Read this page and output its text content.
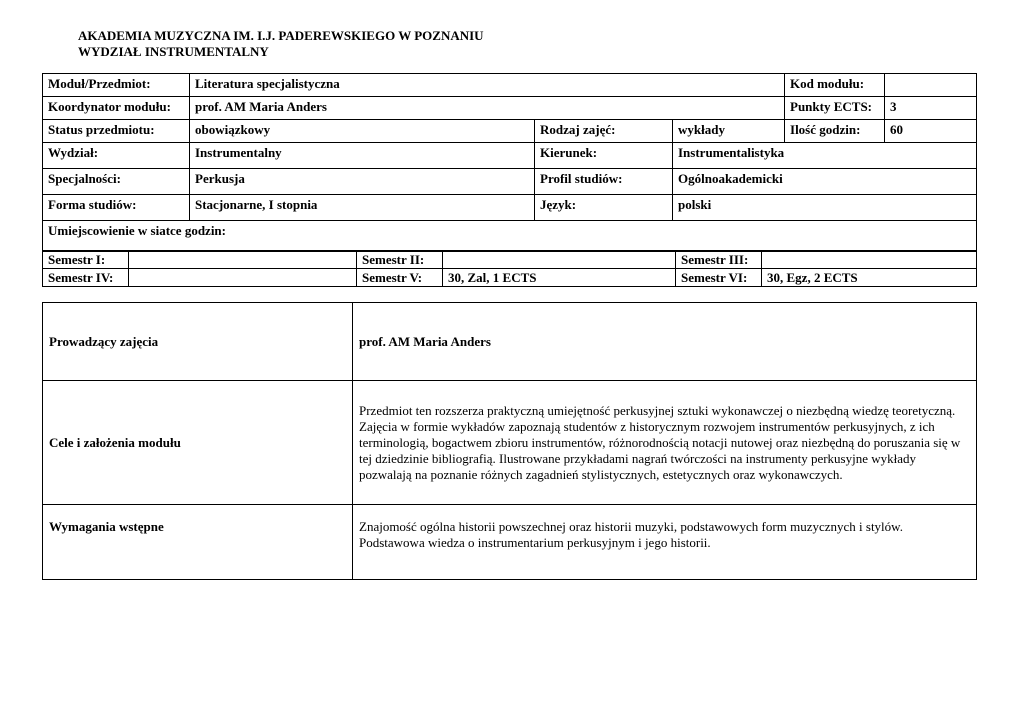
AKADEMIA MUZYCZNA IM. I.J. PADEREWSKIEGO W POZNANIU
WYDZIAŁ INSTRUMENTALNY
Moduł/Przedmiot:	Literatura specjalistyczna			Kod modułu:	
Koordynator modułu:	prof. AM Maria Anders			Punkty ECTS:	3
Status przedmiotu:	obowiązkowy	Rodzaj zajęć:	wykłady	Ilość godzin:	60
Wydział:	Instrumentalny	Kierunek:	Instrumentalistyka		
Specjalności:	Perkusja	Profil studiów:	Ogólnoakademicki		
Forma studiów:	Stacjonarne, I stopnia	Język:	polski		
Umiejscowienie w siatce godzin:					
Semestr I:		Semestr II:		Semestr III:	
Semestr IV:		Semestr V:	30, Zal, 1 ECTS	Semestr VI:	30, Egz, 2 ECTS
Prowadzący zajęcia	prof. AM Maria Anders
Cele i założenia modułu	Przedmiot ten rozszerza praktyczną umiejętność perkusyjnej sztuki wykonawczej o niezbędną wiedzę teoretyczną. Zajęcia w formie wykładów zapoznają studentów z historycznym rozwojem instrumentów perkusyjnych, z ich terminologią, bogactwem zbioru instrumentów, różnorodnością notacji nutowej oraz niezbędną do poruszania się w tej dziedzinie bibliografią. Ilustrowane przykładami nagrań twórczości na instrumenty perkusyjne wykłady pozwalają na poznanie różnych zagadnień stylistycznych, estetycznych oraz wykonawczych.
Wymagania wstępne	Znajomość ogólna historii powszechnej oraz historii muzyki, podstawowych form muzycznych i stylów. Podstawowa wiedza o instrumentarium perkusyjnym i jego historii.
